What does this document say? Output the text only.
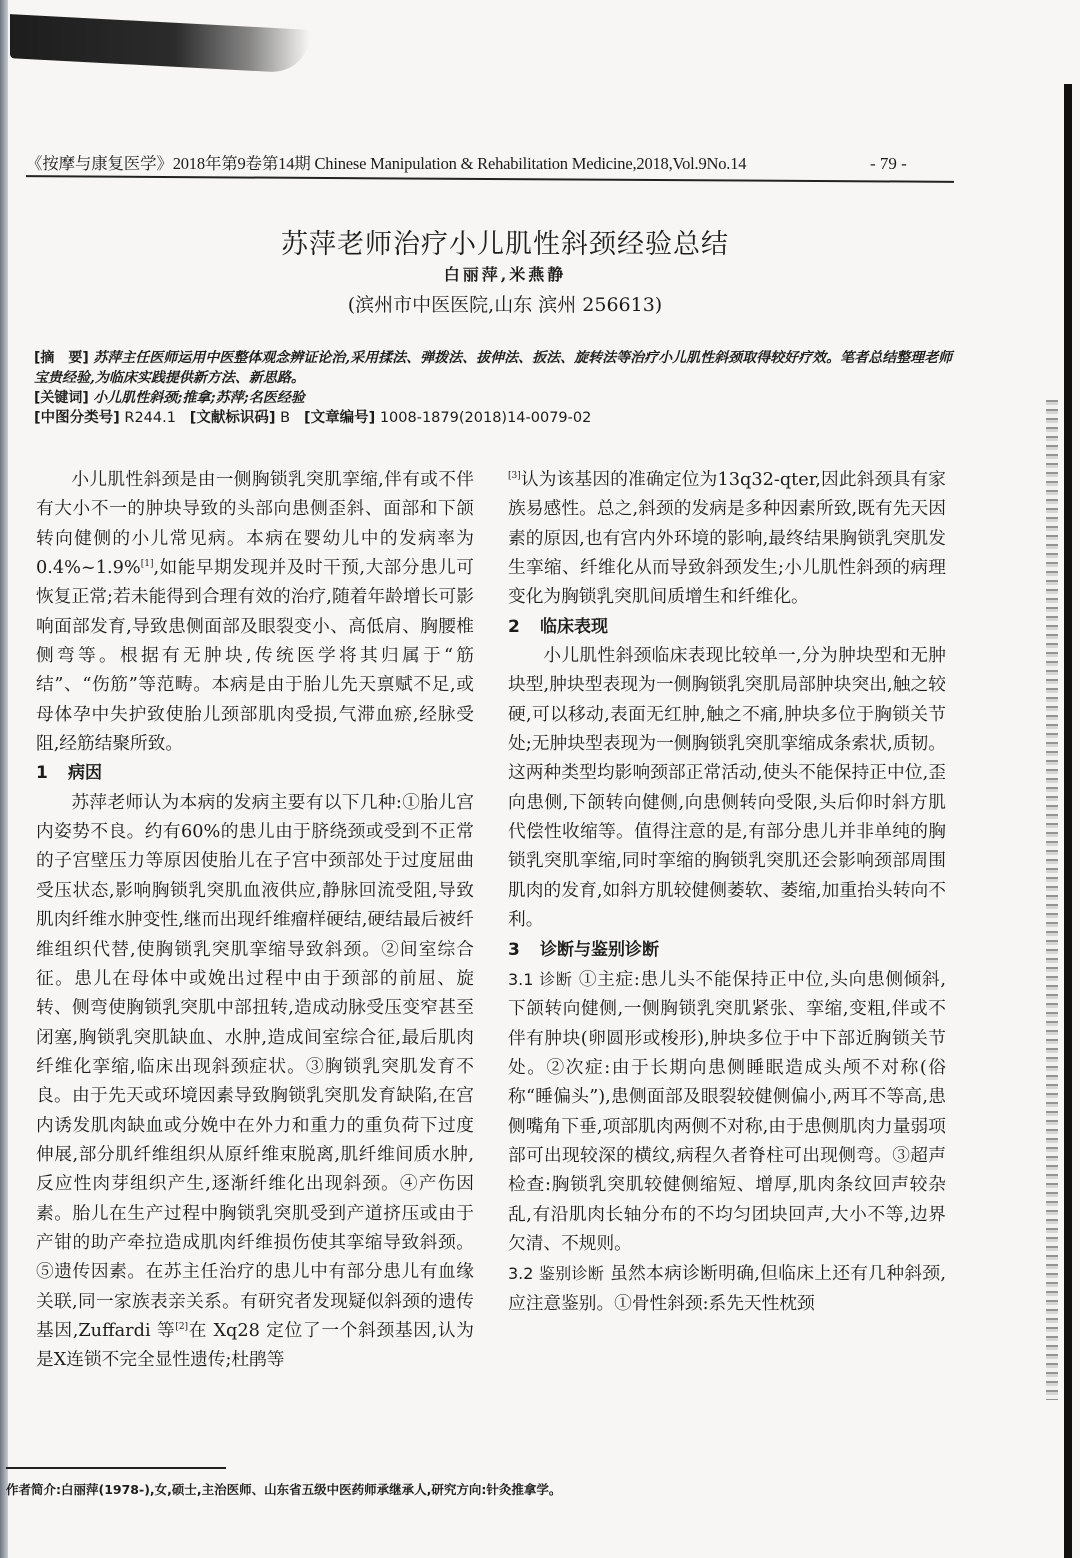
《按摩与康复医学》2018年第9卷第14期 Chinese Manipulation & Rehabilitation Medicine,2018,Vol.9No.14	- 79 -
苏萍老师治疗小儿肌性斜颈经验总结
白丽萍,米燕静
(滨州市中医医院,山东 滨州 256613)
[摘　要] 苏萍主任医师运用中医整体观念辨证论治,采用揉法、弹拨法、拔伸法、扳法、旋转法等治疗小儿肌性斜颈取得较好疗效。笔者总结整理老师宝贵经验,为临床实践提供新方法、新思路。
[关键词] 小儿肌性斜颈;推拿;苏萍;名医经验
[中图分类号] R244.1 [文献标识码] B [文章编号] 1008-1879(2018)14-0079-02

小儿肌性斜颈是由一侧胸锁乳突肌挛缩,伴有或不伴有大小不一的肿块导致的头部向患侧歪斜、面部和下颌转向健侧的小儿常见病。本病在婴幼儿中的发病率为0.4%~1.9%[1],如能早期发现并及时干预,大部分患儿可恢复正常;若未能得到合理有效的治疗,随着年龄增长可影响面部发育,导致患侧面部及眼裂变小、高低肩、胸腰椎侧弯等。根据有无肿块,传统医学将其归属于“筋结”、“伤筋”等范畴。本病是由于胎儿先天禀赋不足,或母体孕中失护致使胎儿颈部肌肉受损,气滞血瘀,经脉受阻,经筋结聚所致。

1 病因

苏萍老师认为本病的发病主要有以下几种:①胎儿宫内姿势不良。约有60%的患儿由于脐绕颈或受到不正常的子宫壁压力等原因使胎儿在子宫中颈部处于过度屈曲受压状态,影响胸锁乳突肌血液供应,静脉回流受阻,导致肌肉纤维水肿变性,继而出现纤维瘤样硬结,硬结最后被纤维组织代替,使胸锁乳突肌挛缩导致斜颈。②间室综合征。患儿在母体中或娩出过程中由于颈部的前屈、旋转、侧弯使胸锁乳突肌中部扭转,造成动脉受压变窄甚至闭塞,胸锁乳突肌缺血、水肿,造成间室综合征,最后肌肉纤维化挛缩,临床出现斜颈症状。③胸锁乳突肌发育不良。由于先天或环境因素导致胸锁乳突肌发育缺陷,在宫内诱发肌肉缺血或分娩中在外力和重力的重负荷下过度伸展,部分肌纤维组织从原纤维束脱离,肌纤维间质水肿,反应性肉芽组织产生,逐渐纤维化出现斜颈。④产伤因素。胎儿在生产过程中胸锁乳突肌受到产道挤压或由于产钳的助产牵拉造成肌肉纤维损伤使其挛缩导致斜颈。⑤遗传因素。在苏主任治疗的患儿中有部分患儿有血缘关联,同一家族表亲关系。有研究者发现疑似斜颈的遗传基因,Zuffardi 等[2]在 Xq28 定位了一个斜颈基因,认为是X连锁不完全显性遗传;杜鹃等

[3]认为该基因的准确定位为13q32-qter,因此斜颈具有家族易感性。总之,斜颈的发病是多种因素所致,既有先天因素的原因,也有宫内外环境的影响,最终结果胸锁乳突肌发生挛缩、纤维化从而导致斜颈发生;小儿肌性斜颈的病理变化为胸锁乳突肌间质增生和纤维化。

2 临床表现

小儿肌性斜颈临床表现比较单一,分为肿块型和无肿块型,肿块型表现为一侧胸锁乳突肌局部肿块突出,触之较硬,可以移动,表面无红肿,触之不痛,肿块多位于胸锁关节处;无肿块型表现为一侧胸锁乳突肌挛缩成条索状,质韧。这两种类型均影响颈部正常活动,使头不能保持正中位,歪向患侧,下颌转向健侧,向患侧转向受限,头后仰时斜方肌代偿性收缩等。值得注意的是,有部分患儿并非单纯的胸锁乳突肌挛缩,同时挛缩的胸锁乳突肌还会影响颈部周围肌肉的发育,如斜方肌较健侧萎软、萎缩,加重抬头转向不利。

3 诊断与鉴别诊断

3.1 诊断 ①主症:患儿头不能保持正中位,头向患侧倾斜,下颌转向健侧,一侧胸锁乳突肌紧张、挛缩,变粗,伴或不伴有肿块(卵圆形或梭形),肿块多位于中下部近胸锁关节处。②次症:由于长期向患侧睡眠造成头颅不对称(俗称“睡偏头”),患侧面部及眼裂较健侧偏小,两耳不等高,患侧嘴角下垂,项部肌肉两侧不对称,由于患侧肌肉力量弱项部可出现较深的横纹,病程久者脊柱可出现侧弯。③超声检查:胸锁乳突肌较健侧缩短、增厚,肌肉条纹回声较杂乱,有沿肌肉长轴分布的不均匀团块回声,大小不等,边界欠清、不规则。

3.2 鉴别诊断 虽然本病诊断明确,但临床上还有几种斜颈,应注意鉴别。①骨性斜颈:系先天性枕颈

作者简介:白丽萍(1978-),女,硕士,主治医师、山东省五级中医药师承继承人,研究方向:针灸推拿学。
